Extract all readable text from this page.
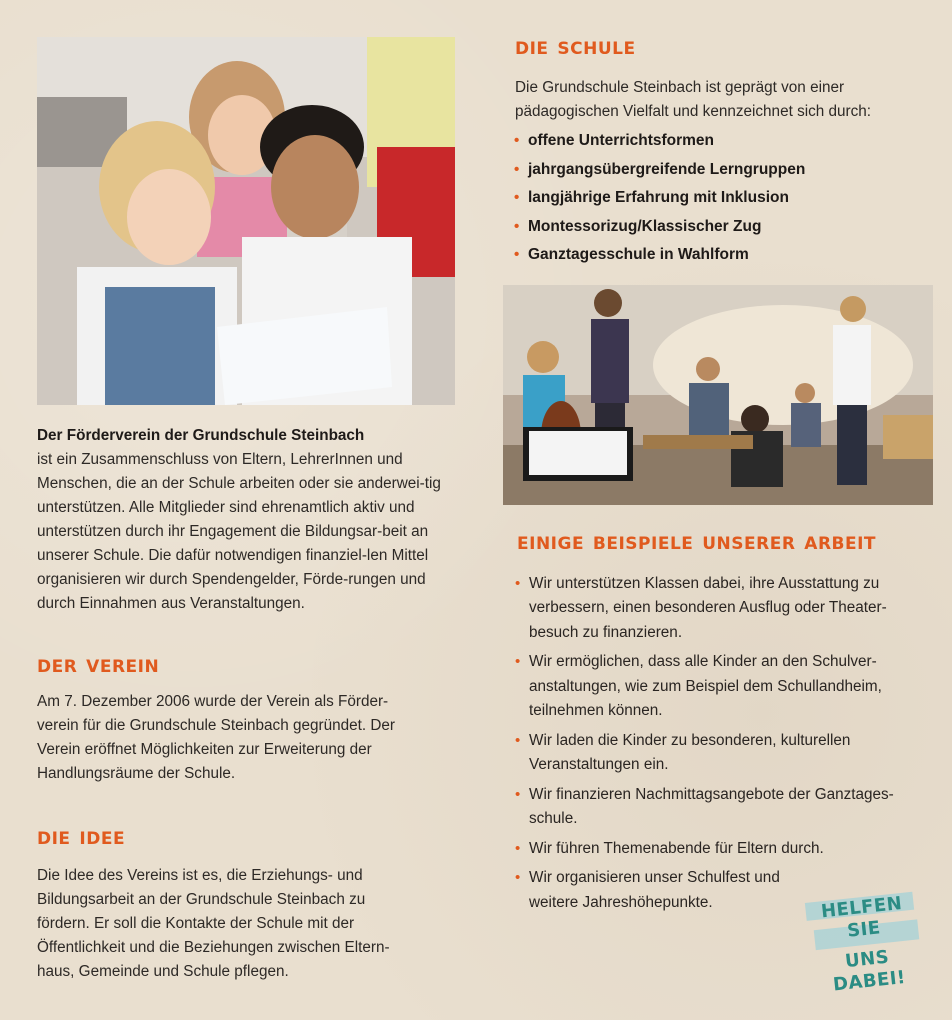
Der Förderverein der Grundschule Steinbach
ist ein Zusammenschluss von Eltern, LehrerInnen und Menschen, die an der Schule arbeiten oder sie anderwei-tig unterstützen. Alle Mitglieder sind ehrenamtlich aktiv und unterstützen durch ihr Engagement die Bildungsar-beit an unserer Schule. Die dafür notwendigen finanziel-len Mittel organisieren wir durch Spendengelder, Förde-rungen und durch Einnahmen aus Veranstaltungen.
der verein

Am 7. Dezember 2006 wurde der Verein als Förder-verein für die Grundschule Steinbach gegründet. Der Verein eröffnet Möglichkeiten zur Erweiterung der Handlungsräume der Schule.

die idee

Die Idee des Vereins ist es, die Erziehungs- und Bildungsarbeit an der Grundschule Steinbach zu fördern. Er soll die Kontakte der Schule mit der Öffentlichkeit und die Beziehungen zwischen Eltern-haus, Gemeinde und Schule pflegen.

die schule

Die Grundschule Steinbach ist geprägt von einer pädagogischen Vielfalt und kennzeichnet sich durch:

• offene Unterrichtsformen
• jahrgangsübergreifende Lerngruppen
• langjährige Erfahrung mit Inklusion
• Montessorizug/Klassischer Zug
• Ganztagesschule in Wahlform
einige beispiele unserer arbeit
• Wir unterstützen Klassen dabei, ihre Ausstattung zu verbessern, einen besonderen Ausflug oder Theater-besuch zu finanzieren.
• Wir ermöglichen, dass alle Kinder an den Schulver-anstaltungen, wie zum Beispiel dem Schullandheim, teilnehmen können.
• Wir laden die Kinder zu besonderen, kulturellen Veranstaltungen ein.
• Wir finanzieren Nachmittagsangebote der Ganztages-schule.
• Wir führen Themenabende für Eltern durch.
• Wir organisieren unser Schulfest und weitere Jahreshöhepunkte.	HELFEN SIE
UNS DABEI!
